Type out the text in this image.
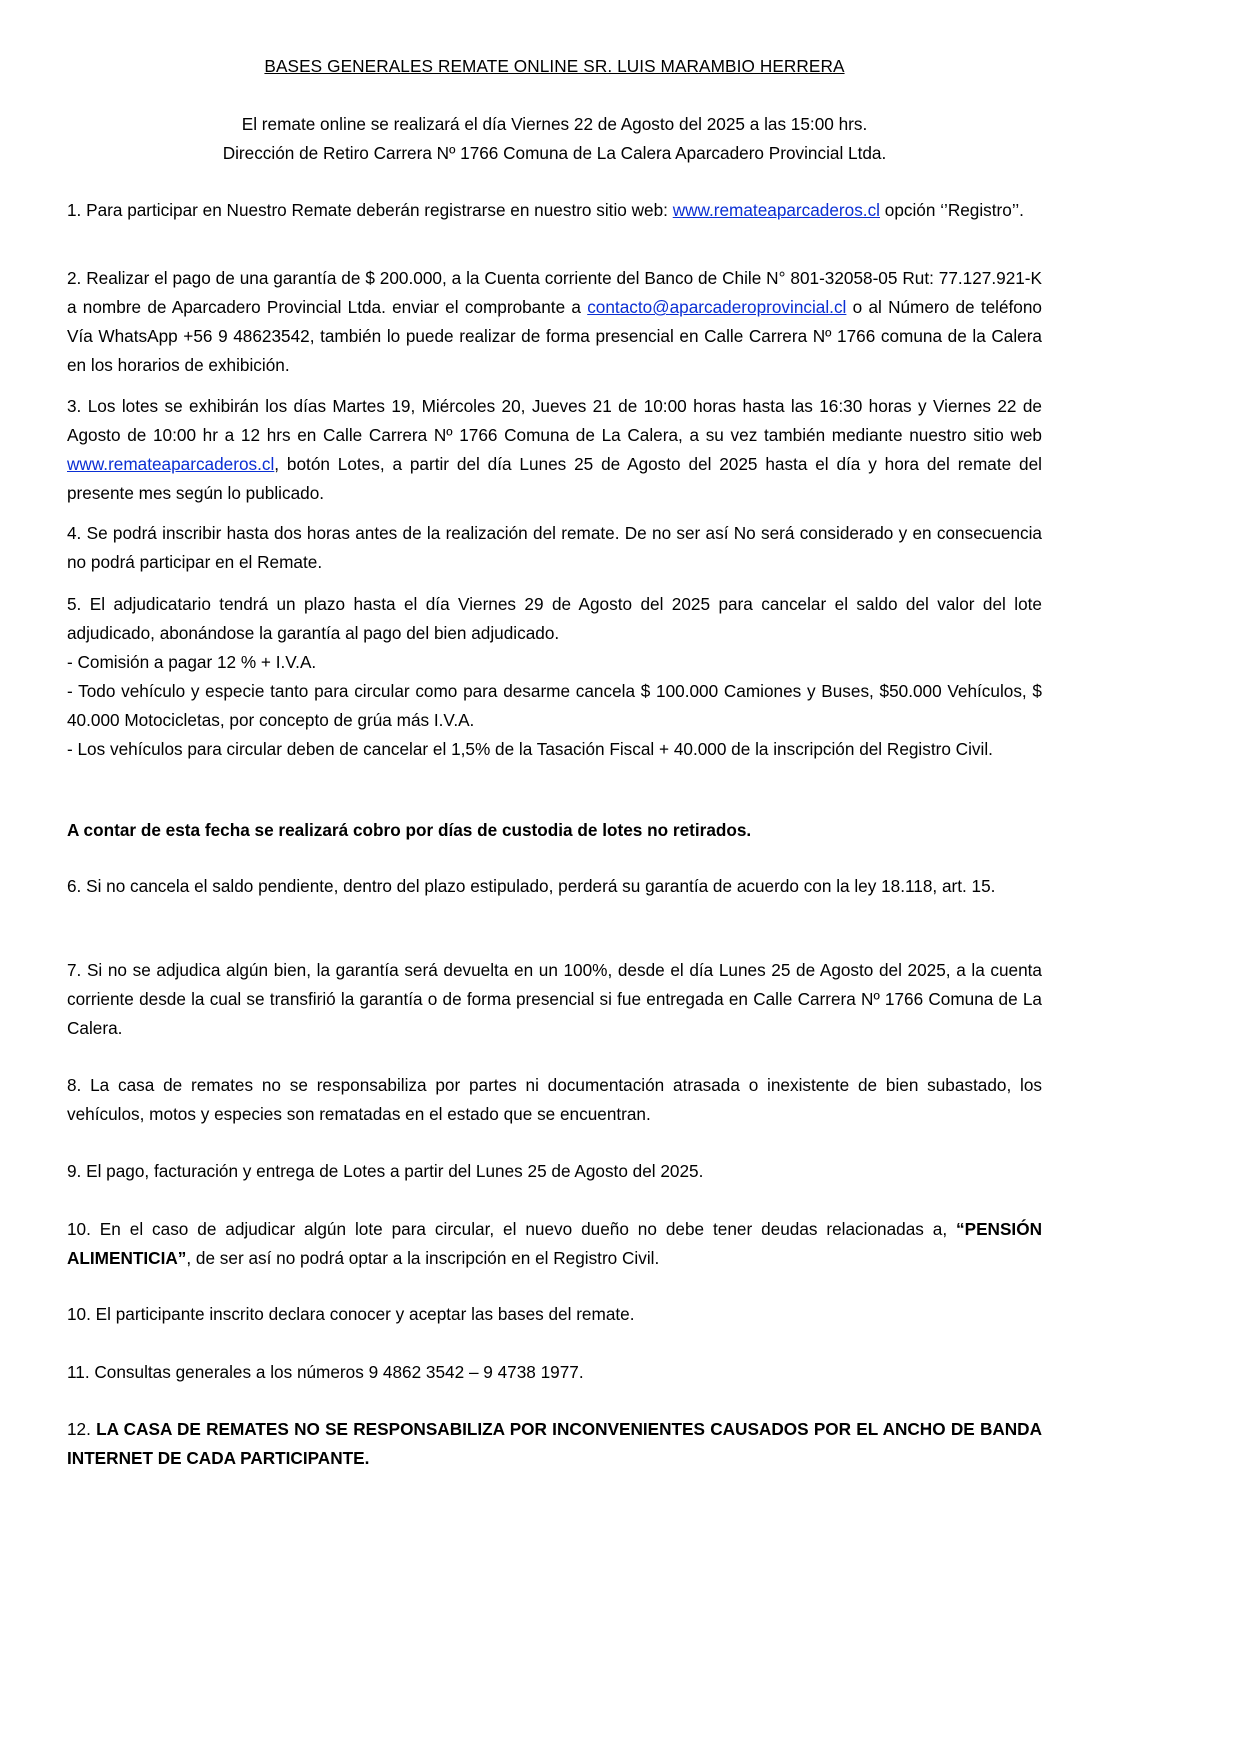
BASES GENERALES REMATE ONLINE SR. LUIS MARAMBIO HERRERA
El remate online se realizará el día Viernes 22 de Agosto del 2025 a las 15:00 hrs.
Dirección de Retiro Carrera Nº 1766 Comuna de La Calera Aparcadero Provincial Ltda.

1. Para participar en Nuestro Remate deberán registrarse en nuestro sitio web: www.remateaparcaderos.cl opción ‘’Registro’’.

2. Realizar el pago de una garantía de $ 200.000, a la Cuenta corriente del Banco de Chile N° 801-32058-05 Rut: 77.127.921-K a nombre de Aparcadero Provincial Ltda. enviar el comprobante a contacto@aparcaderoprovincial.cl o al Número de teléfono Vía WhatsApp +56 9 48623542, también lo puede realizar de forma presencial en Calle Carrera Nº 1766 comuna de la Calera en los horarios de exhibición.

3. Los lotes se exhibirán los días Martes 19, Miércoles 20, Jueves 21 de 10:00 horas hasta las 16:30 horas y Viernes 22 de Agosto de 10:00 hr a 12 hrs en Calle Carrera Nº 1766 Comuna de La Calera, a su vez también mediante nuestro sitio web www.remateaparcaderos.cl, botón Lotes, a partir del día Lunes 25 de Agosto del 2025 hasta el día y hora del remate del presente mes según lo publicado.

4. Se podrá inscribir hasta dos horas antes de la realización del remate. De no ser así No será considerado y en consecuencia no podrá participar en el Remate.

5. El adjudicatario tendrá un plazo hasta el día Viernes 29 de Agosto del 2025 para cancelar el saldo del valor del lote adjudicado, abonándose la garantía al pago del bien adjudicado.

- Comisión a pagar 12 % + I.V.A.

- Todo vehículo y especie tanto para circular como para desarme cancela $ 100.000 Camiones y Buses, $50.000 Vehículos, $ 40.000 Motocicletas, por concepto de grúa más I.V.A.

- Los vehículos para circular deben de cancelar el 1,5% de la Tasación Fiscal + 40.000 de la inscripción del Registro Civil.

A contar de esta fecha se realizará cobro por días de custodia de lotes no retirados.

6. Si no cancela el saldo pendiente, dentro del plazo estipulado, perderá su garantía de acuerdo con la ley 18.118, art. 15.

7. Si no se adjudica algún bien, la garantía será devuelta en un 100%, desde el día Lunes 25 de Agosto del 2025, a la cuenta corriente desde la cual se transfirió la garantía o de forma presencial si fue entregada en Calle Carrera Nº 1766 Comuna de La Calera.

8. La casa de remates no se responsabiliza por partes ni documentación atrasada o inexistente de bien subastado, los vehículos, motos y especies son rematadas en el estado que se encuentran.

9. El pago, facturación y entrega de Lotes a partir del Lunes 25 de Agosto del 2025.

10. En el caso de adjudicar algún lote para circular, el nuevo dueño no debe tener deudas relacionadas a, “PENSIÓN ALIMENTICIA”, de ser así no podrá optar a la inscripción en el Registro Civil.

10. El participante inscrito declara conocer y aceptar las bases del remate.

11. Consultas generales a los números 9 4862 3542 – 9 4738 1977.

12. LA CASA DE REMATES NO SE RESPONSABILIZA POR INCONVENIENTES CAUSADOS POR EL ANCHO DE BANDA INTERNET DE CADA PARTICIPANTE.
